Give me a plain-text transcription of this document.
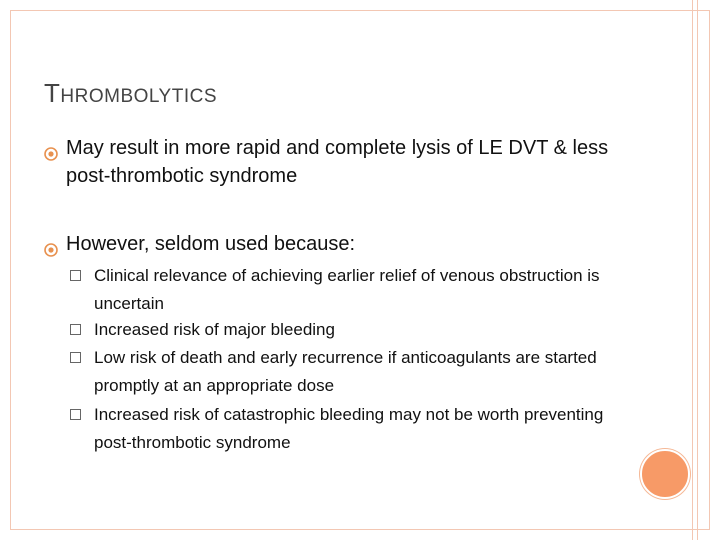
THROMBOLYTICS
May result in more rapid and complete lysis of LE DVT & less post-thrombotic syndrome
However, seldom used because:
Clinical relevance of achieving earlier relief of venous obstruction is uncertain
Increased risk of major bleeding
Low risk of death and early recurrence if anticoagulants are started promptly at an appropriate dose
Increased risk of catastrophic bleeding may not be worth preventing post-thrombotic syndrome
